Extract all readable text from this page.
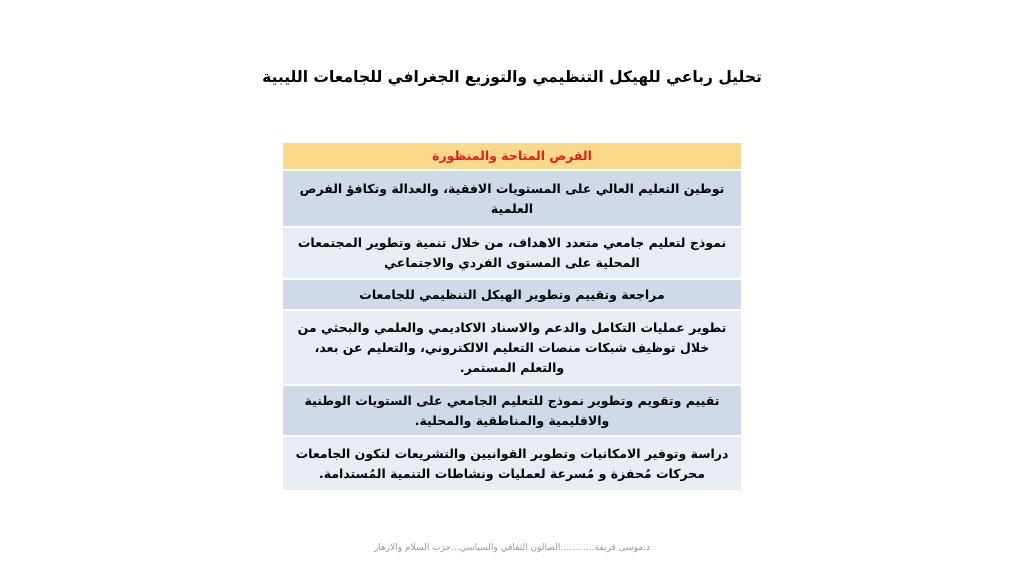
تحليل رباعي للهيكل التنظيمي والتوزيع الجغرافي للجامعات الليبية
الفرص المتاحة والمنظورة
توطين التعليم العالي على المستويات الافقية، والعدالة وتكافؤ الفرص العلمية
نموذج لتعليم جامعي متعدد الاهداف، من خلال تنمية وتطوير المجتمعات المحلية على المستوى الفردي والاجتماعي
مراجعة وتقييم وتطوير الهيكل التنظيمي للجامعات
تطوير عمليات التكامل والدعم والاسناد الاكاديمي والعلمي والبحثي من خلال توظيف شبكات منصات التعليم الالكتروني، والتعليم عن بعد، والتعلم المستمر.
تقييم وتقويم وتطوير نموذج للتعليم الجامعي على الستويات الوطنية والاقليمية والمناطقية والمحلية.
دراسة وتوفير الامكانيات وتطوير القوانيين والتشريعات لتكون الجامعات محركات مُحفزة و مُسرعة لعمليات ونشاطات التنمية المُستدامة.
د.موسى قريفة............الصالون الثقافي والسياسي...حزب السلام والازهار
